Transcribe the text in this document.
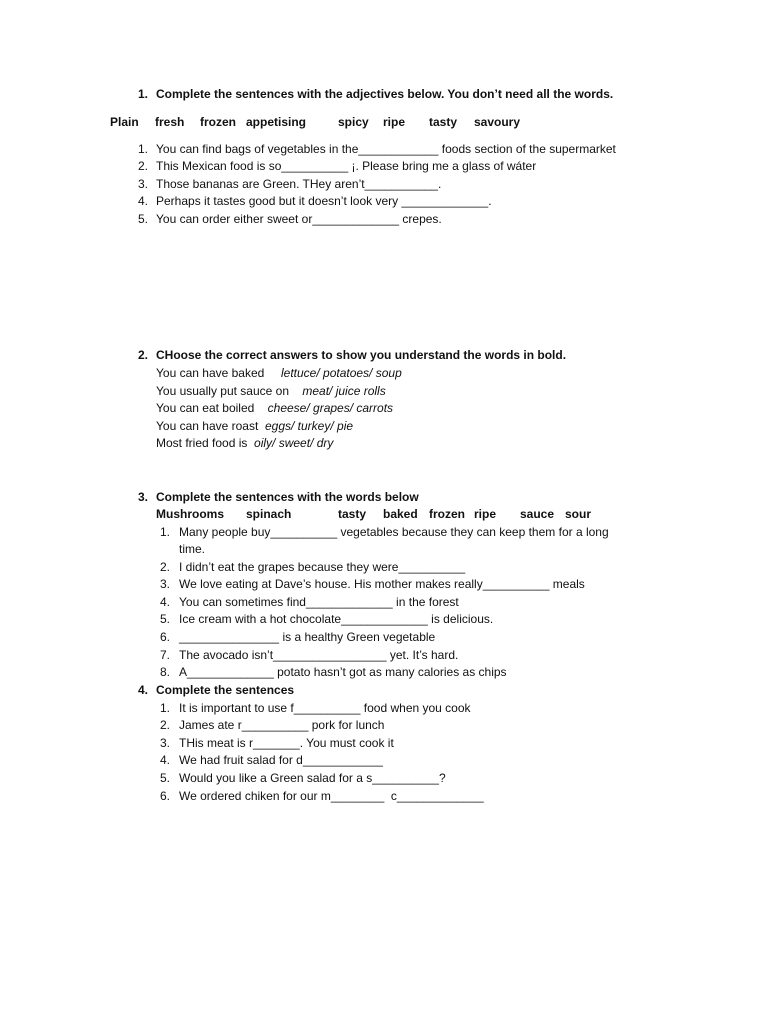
1. Complete the sentences with the adjectives below. You don’t need all the words.
Plain fresh frozen appetising	spicy ripe tasty savoury
1. You can find bags of vegetables in the____________ foods section of the supermarket
2. This Mexican food is so__________ ¡. Please bring me a glass of wáter
3. Those bananas are Green. THey aren’t___________.
4. Perhaps it tastes good but it doesn’t look very _____________.
5. You can order either sweet or_____________ crepes.
2. CHoose the correct answers to show you understand the words in bold.
You can have baked lettuce/ potatoes/ soup
You usually put sauce on meat/ juice rolls
You can eat boiled cheese/ grapes/ carrots
You can have roast eggs/ turkey/ pie
Most fried food is oily/ sweet/ dry
3. Complete the sentences with the words below
Mushrooms spinach	tasty baked frozen ripe sauce sour
1. Many people buy__________ vegetables because they can keep them for a long
time.
2. I didn’t eat the grapes because they were__________
3. We love eating at Dave’s house. His mother makes really__________ meals
4. You can sometimes find_____________ in the forest
5. Ice cream with a hot chocolate_____________ is delicious.
6. _______________ is a healthy Green vegetable
7. The avocado isn’t_________________ yet. It’s hard.
8. A_____________ potato hasn’t got as many calories as chips
4. Complete the sentences
1. It is important to use f__________ food when you cook
2. James ate r__________ pork for lunch
3. THis meat is r_______. You must cook it
4. We had fruit salad for d____________
5. Would you like a Green salad for a s__________?
6. We ordered chiken for our m________  c_____________
